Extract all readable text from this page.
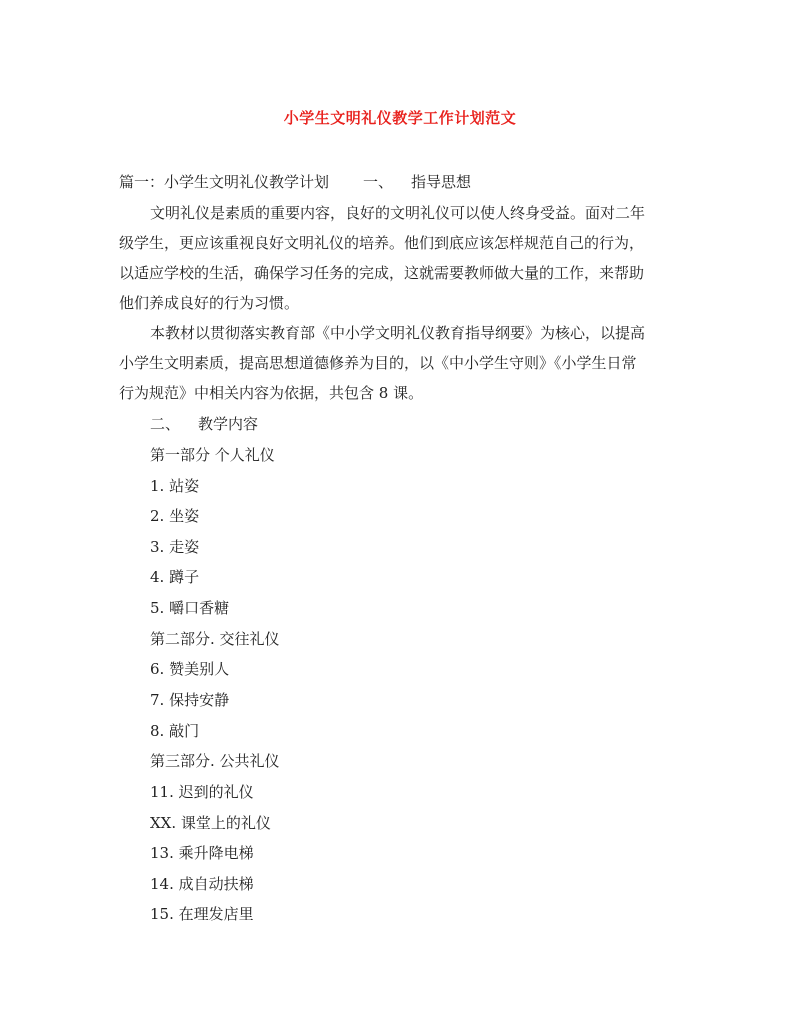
小学生文明礼仪教学工作计划范文
篇一：小学生文明礼仪教学计划 一、 指导思想
文明礼仪是素质的重要内容，良好的文明礼仪可以使人终身受益。面对二年
级学生，更应该重视良好文明礼仪的培养。他们到底应该怎样规范自己的行为，
以适应学校的生活，确保学习任务的完成，这就需要教师做大量的工作，来帮助
他们养成良好的行为习惯。
本教材以贯彻落实教育部《中小学文明礼仪教育指导纲要》为核心，以提高
小学生文明素质，提高思想道德修养为目的，以《中小学生守则》《小学生日常
行为规范》中相关内容为依据，共包含 8 课。
二、 教学内容
第一部分 个人礼仪
1. 站姿
2. 坐姿
3. 走姿
4. 蹲子
5. 嚼口香糖
第二部分. 交往礼仪
6. 赞美别人
7. 保持安静
8. 敲门
第三部分. 公共礼仪
11. 迟到的礼仪
XX. 课堂上的礼仪
13. 乘升降电梯
14. 成自动扶梯
15. 在理发店里
